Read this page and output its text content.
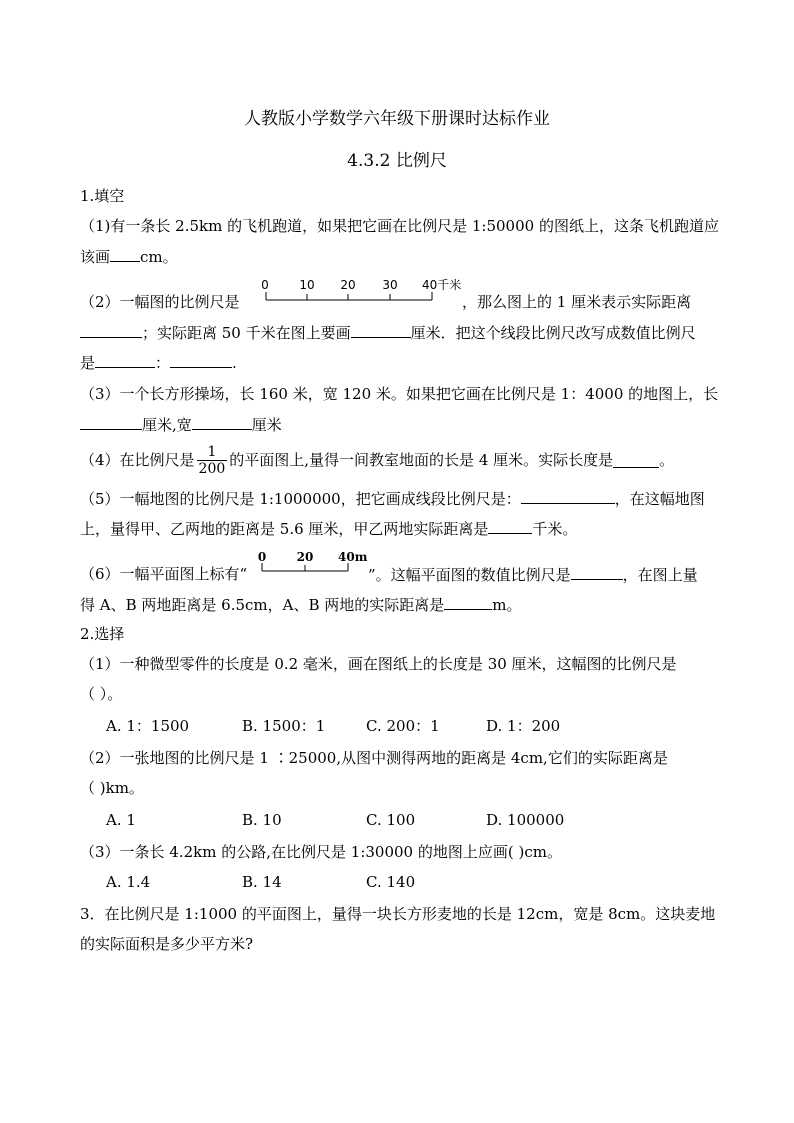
人教版小学数学六年级下册课时达标作业
4.3.2 比例尺
1.填空
（1)有一条长 2.5km 的飞机跑道，如果把它画在比例尺是 1:50000 的图纸上，这条飞机跑道应
该画 cm。
（2）一幅图的比例尺是
0	10 20 30 40千米
，那么图上的 1 厘米表示实际距离
；实际距离 50 千米在图上要画	厘米．把这个线段比例尺改写成数值比例尺
是	：	.
（3）一个长方形操场，长 160 米，宽 120 米。如果把它画在比例尺是 1：4000 的地图上，长
厘米,宽	厘米
（4）在比例尺是 $\frac{1}{200}$ 的平面图上,量得一间教室地面的长是 4 厘米。实际长度是	。
（5）一幅地图的比例尺是 1:1000000，把它画成线段比例尺是：	，在这幅地图
上，量得甲、乙两地的距离是 5.6 厘米，甲乙两地实际距离是	千米。
（6）一幅平面图上标有“
0	20 40m
”。这幅平面图的数值比例尺是	，在图上量
得 A、B 两地距离是 6.5cm，A、B 两地的实际距离是	m。
2.选择
（1）一种微型零件的长度是 0.2 毫米，画在图纸上的长度是 30 厘米，这幅图的比例尺是
（ ）。
A. 1：1500	B. 1500：1	C. 200：1	D. 1：200
（2）一张地图的比例尺是 1 ∶25000,从图中测得两地的距离是 4cm,它们的实际距离是
（ )km。
A. 1	B. 10	C. 100	D. 100000
（3）一条长 4.2km 的公路,在比例尺是 1:30000 的地图上应画( )cm。
A. 1.4	B. 14	C. 140
3．在比例尺是 1:1000 的平面图上，量得一块长方形麦地的长是 12cm，宽是 8cm。这块麦地
的实际面积是多少平方米?
